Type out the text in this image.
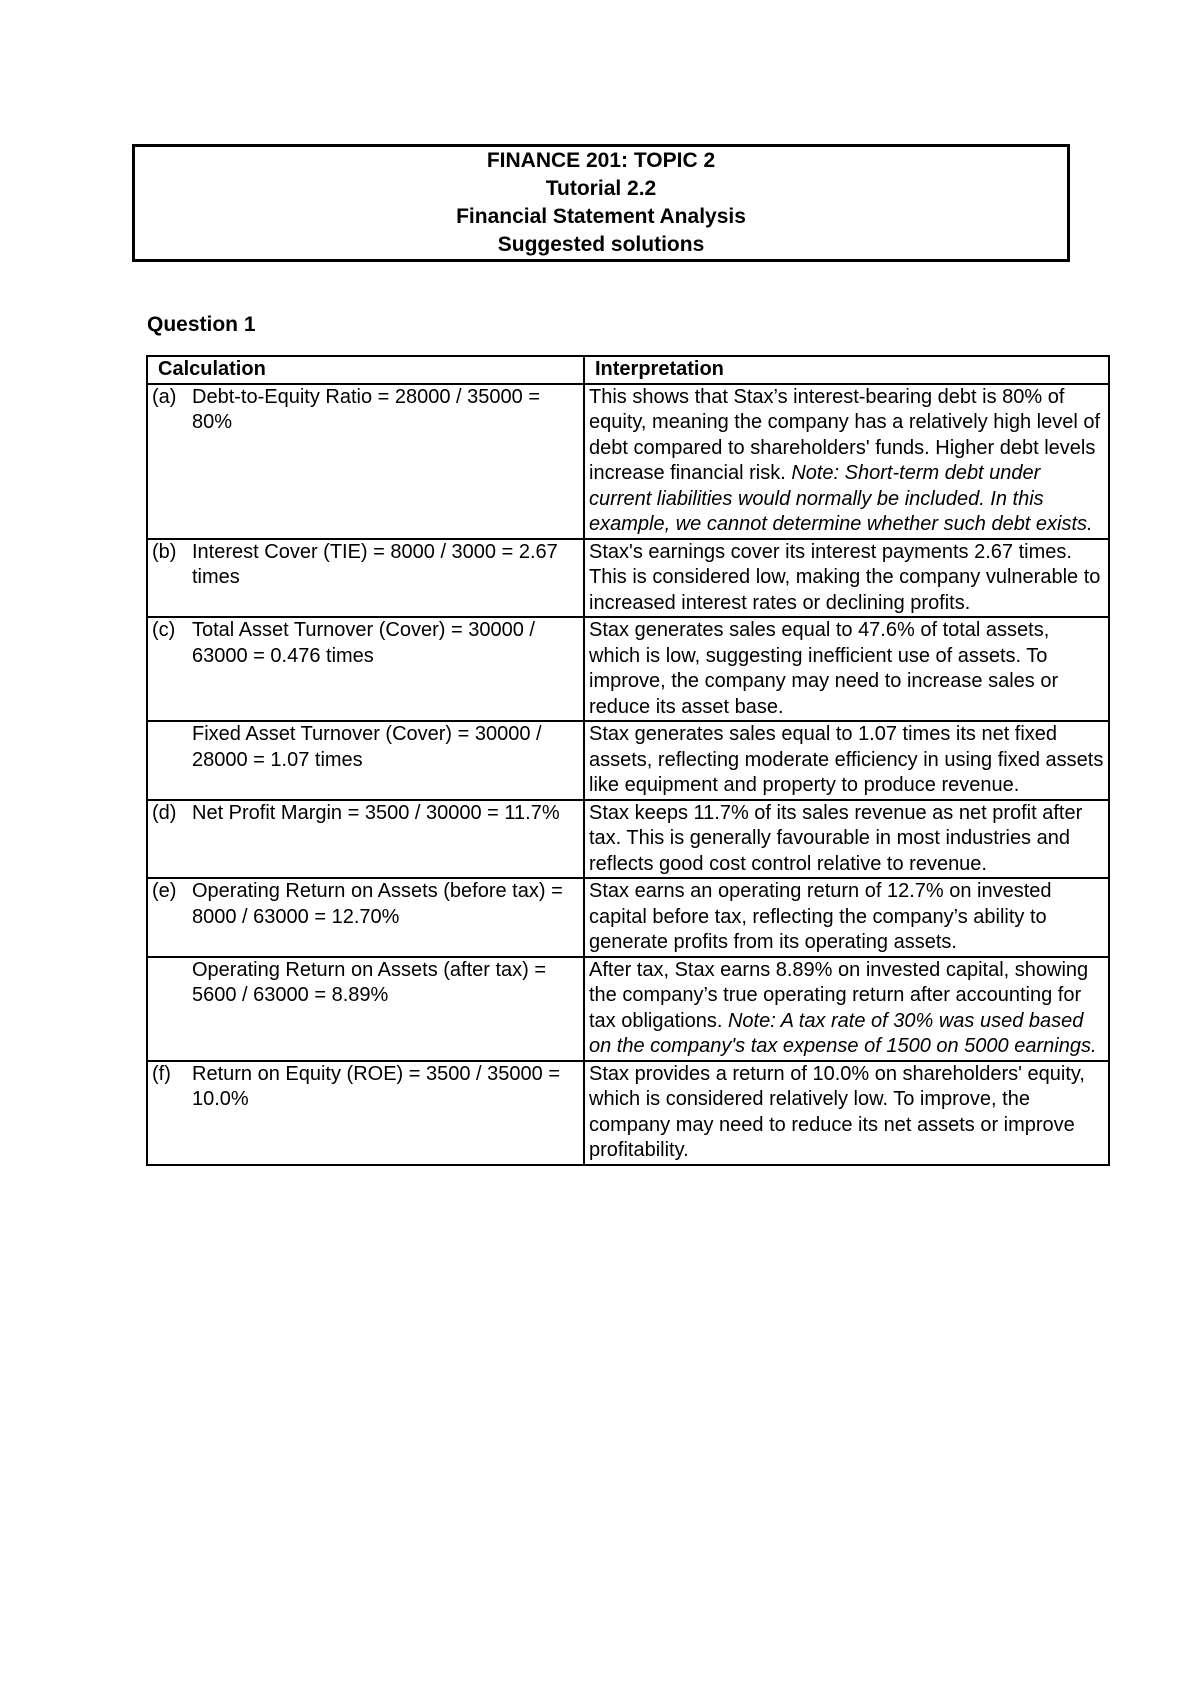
FINANCE 201: TOPIC 2
Tutorial 2.2
Financial Statement Analysis
Suggested solutions
Question 1
Calculation	Interpretation

(a) Debt-to-Equity Ratio = 28000 / 35000 = 80%	This shows that Stax’s interest-bearing debt is 80% of equity, meaning the company has a relatively high level of debt compared to shareholders' funds. Higher debt levels increase financial risk. Note: Short-term debt under current liabilities would normally be included. In this example, we cannot determine whether such debt exists.

(b) Interest Cover (TIE) = 8000 / 3000 = 2.67 times	Stax's earnings cover its interest payments 2.67 times. This is considered low, making the company vulnerable to increased interest rates or declining profits.

(c) Total Asset Turnover (Cover) = 30000 / 63000 = 0.476 times	Stax generates sales equal to 47.6% of total assets, which is low, suggesting inefficient use of assets. To improve, the company may need to increase sales or reduce its asset base.

Fixed Asset Turnover (Cover) = 30000 / 28000 = 1.07 times	Stax generates sales equal to 1.07 times its net fixed assets, reflecting moderate efficiency in using fixed assets like equipment and property to produce revenue.

(d) Net Profit Margin = 3500 / 30000 = 11.7%	Stax keeps 11.7% of its sales revenue as net profit after tax. This is generally favourable in most industries and reflects good cost control relative to revenue.

(e) Operating Return on Assets (before tax) = 8000 / 63000 = 12.70%	Stax earns an operating return of 12.7% on invested capital before tax, reflecting the company’s ability to generate profits from its operating assets.

Operating Return on Assets (after tax) = 5600 / 63000 = 8.89%	After tax, Stax earns 8.89% on invested capital, showing the company’s true operating return after accounting for tax obligations. Note: A tax rate of 30% was used based on the company's tax expense of 1500 on 5000 earnings.

(f) Return on Equity (ROE) = 3500 / 35000 = 10.0%	Stax provides a return of 10.0% on shareholders' equity, which is considered relatively low. To improve, the company may need to reduce its net assets or improve profitability.
